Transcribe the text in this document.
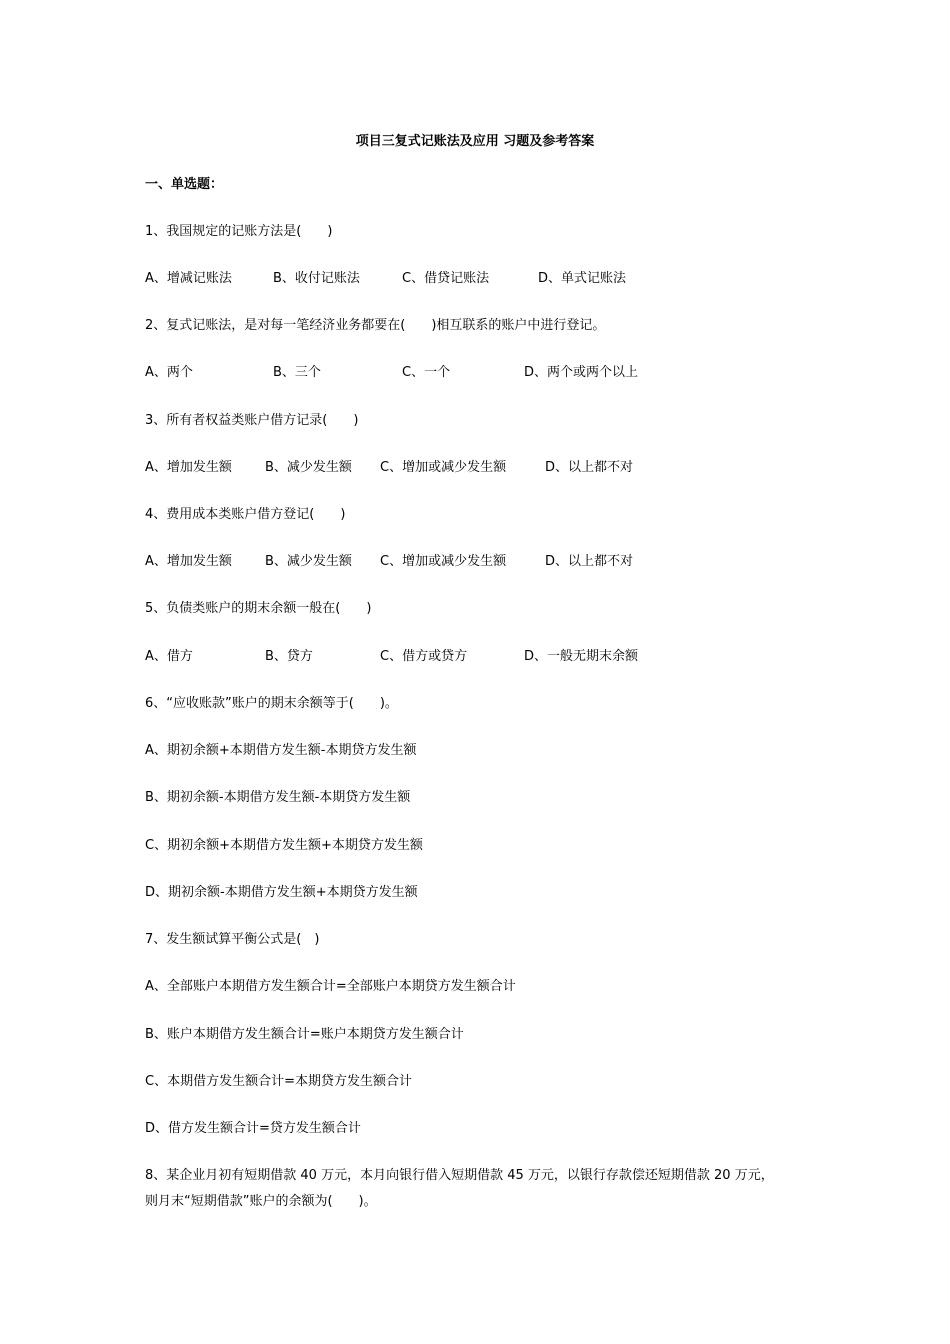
项目三复式记账法及应用 习题及参考答案
一、单选题：
1、我国规定的记账方法是(　　)
A、增减记账法	B、收付记账法	C、借贷记账法	D、单式记账法
2、复式记账法，是对每一笔经济业务都要在(　　)相互联系的账户中进行登记。
A、两个	B、三个	C、一个	D、两个或两个以上
3、所有者权益类账户借方记录(　　)
A、增加发生额	B、减少发生额 C、增加或减少发生额	D、以上都不对
4、费用成本类账户借方登记(　　)
A、增加发生额	B、减少发生额 C、增加或减少发生额	D、以上都不对
5、负债类账户的期末余额一般在(　　)
A、借方	B、贷方	C、借方或贷方	D、一般无期末余额
6、“应收账款”账户的期末余额等于(　　)。
A、期初余额+本期借方发生额-本期贷方发生额
B、期初余额-本期借方发生额-本期贷方发生额
C、期初余额+本期借方发生额+本期贷方发生额
D、期初余额-本期借方发生额+本期贷方发生额
7、发生额试算平衡公式是(　)
A、全部账户本期借方发生额合计=全部账户本期贷方发生额合计
B、账户本期借方发生额合计=账户本期贷方发生额合计
C、本期借方发生额合计=本期贷方发生额合计
D、借方发生额合计=贷方发生额合计
8、某企业月初有短期借款 40 万元，本月向银行借入短期借款 45 万元，以银行存款偿还短期借款 20 万元，
则月末“短期借款”账户的余额为(　　)。
